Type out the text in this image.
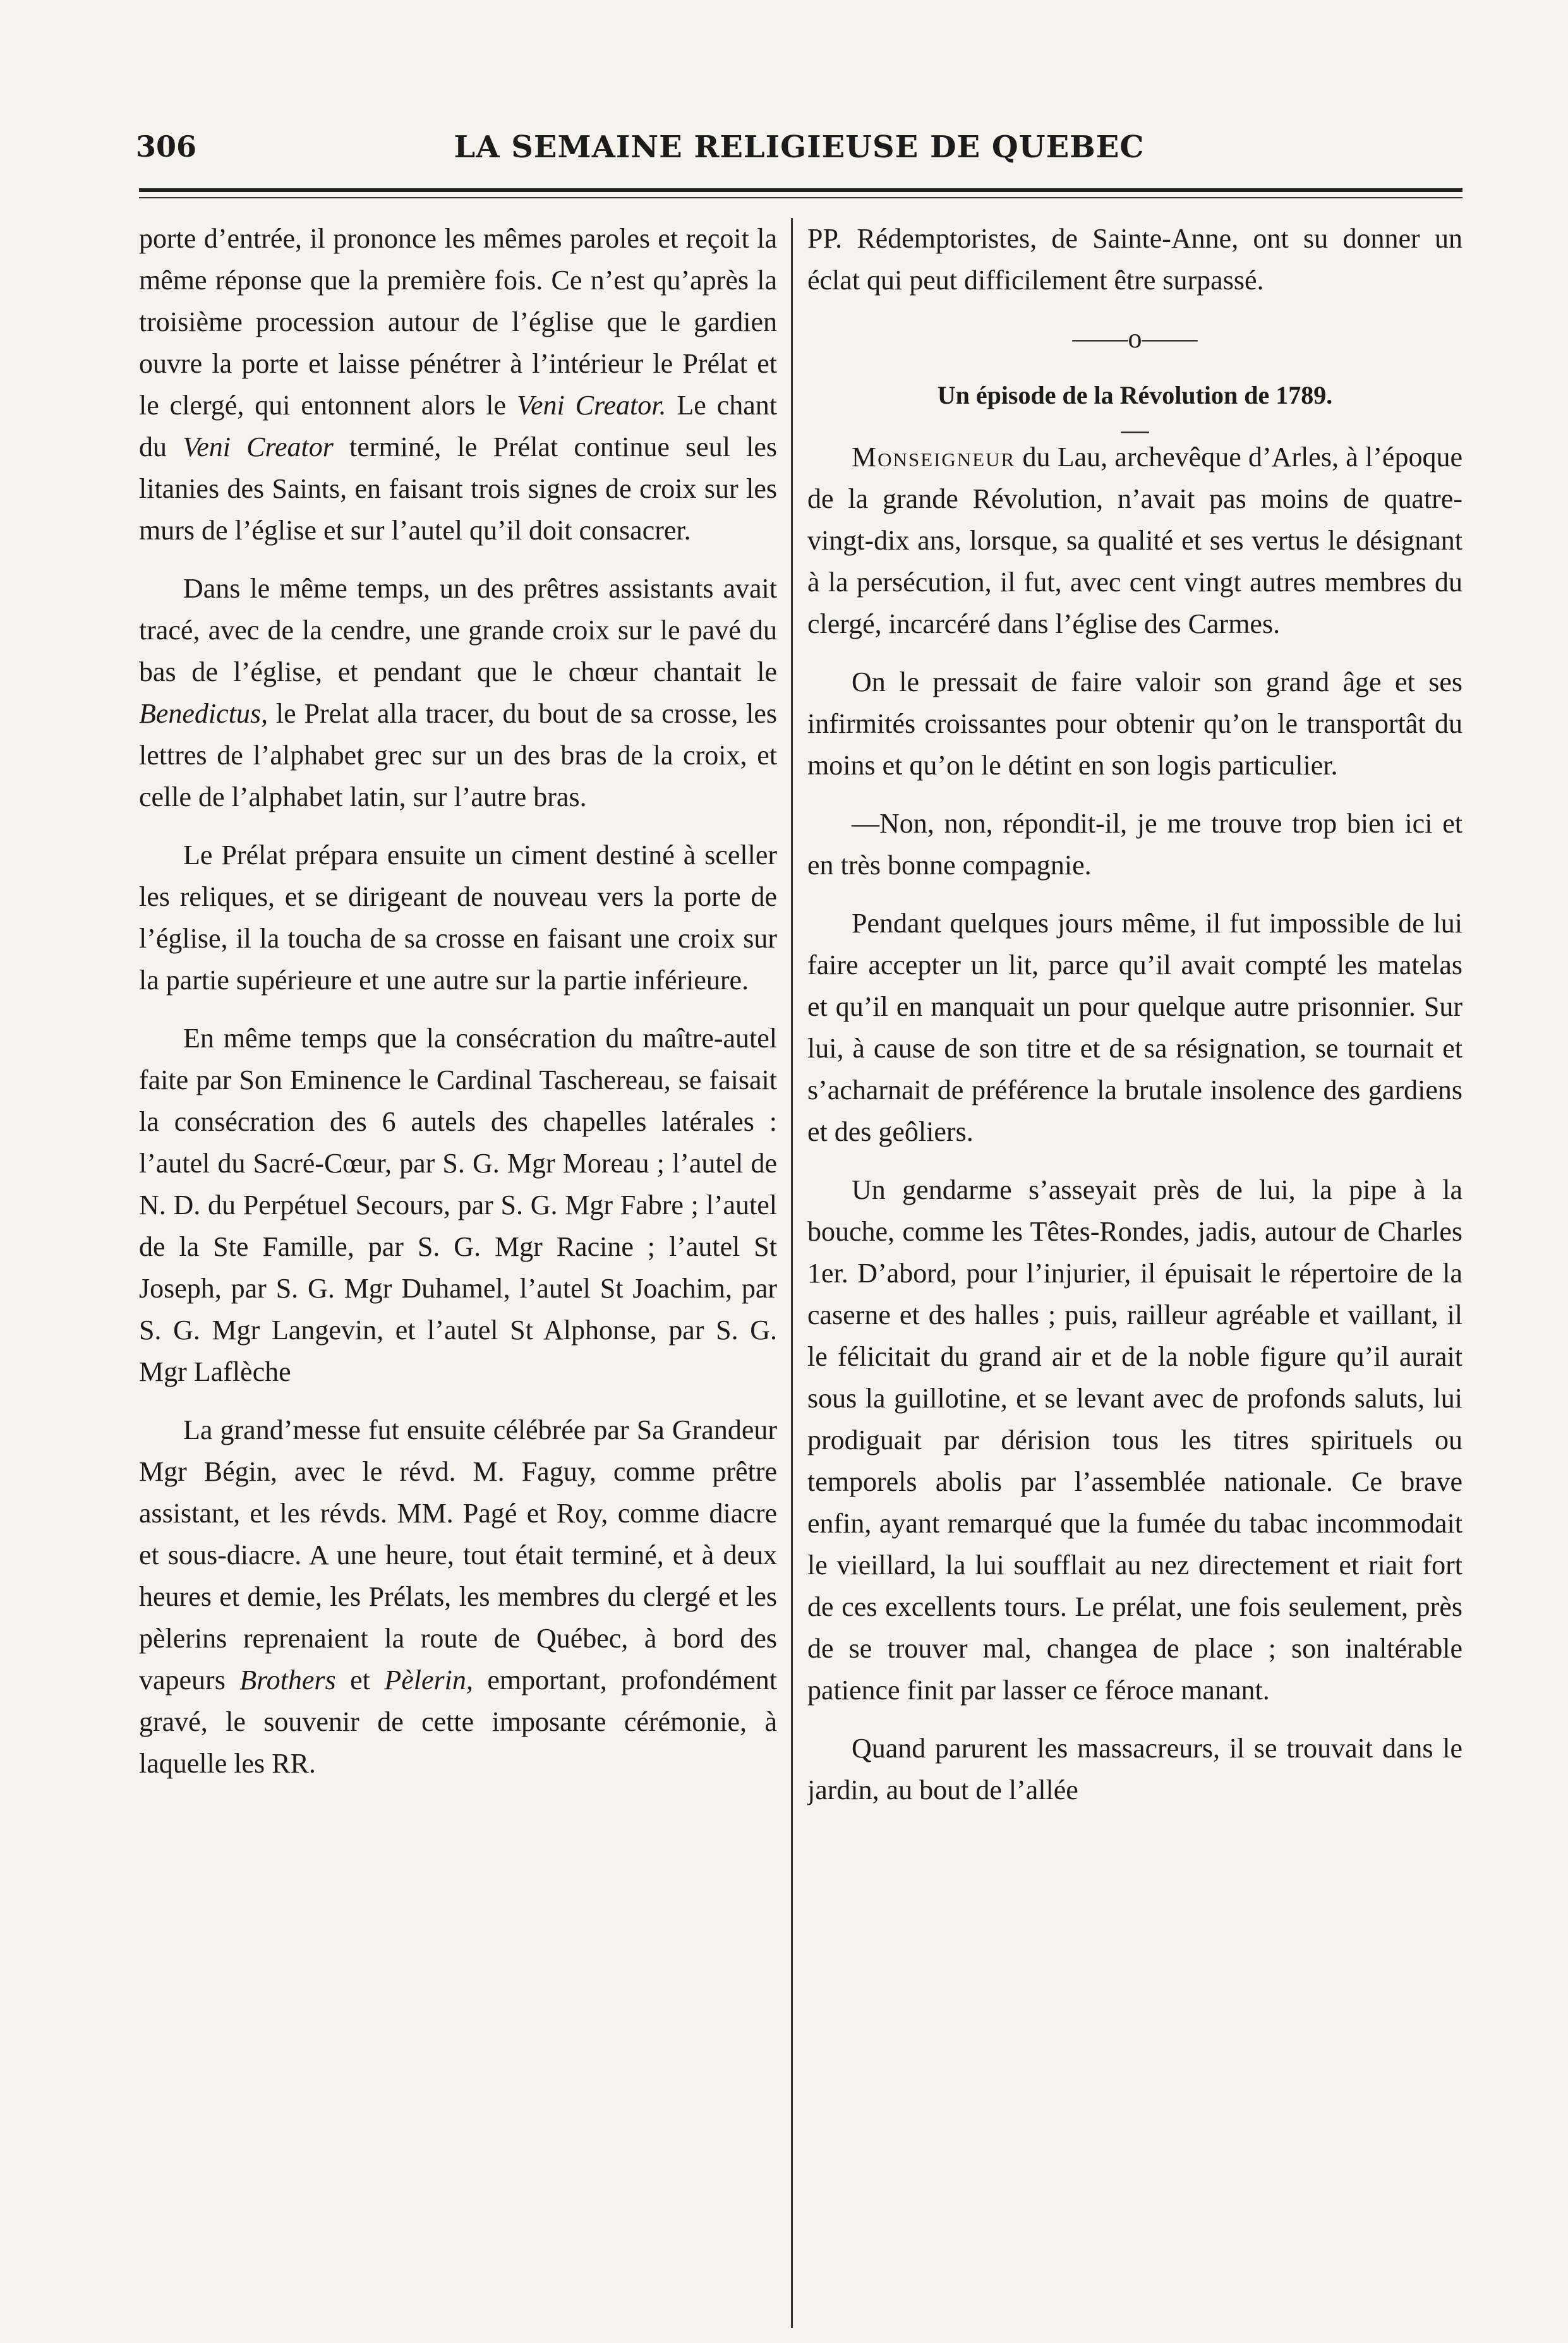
306	LA SEMAINE RELIGIEUSE DE QUEBEC

porte d’entrée, il prononce les mêmes paroles et reçoit la même réponse que la première fois. Ce n’est qu’après la troisième procession autour de l’église que le gardien ouvre la porte et laisse pénétrer à l’intérieur le Prélat et le clergé, qui entonnent alors le Veni Creator. Le chant du Veni Creator terminé, le Prélat continue seul les litanies des Saints, en faisant trois signes de croix sur les murs de l’église et sur l’autel qu’il doit consacrer.

Dans le même temps, un des prêtres assistants avait tracé, avec de la cendre, une grande croix sur le pavé du bas de l’église, et pendant que le chœur chantait le Benedictus, le Prelat alla tracer, du bout de sa crosse, les lettres de l’alphabet grec sur un des bras de la croix, et celle de l’alphabet latin, sur l’autre bras.

Le Prélat prépara ensuite un ciment destiné à sceller les reliques, et se dirigeant de nouveau vers la porte de l’église, il la toucha de sa crosse en faisant une croix sur la partie supérieure et une autre sur la partie inférieure.

En même temps que la consécration du maître-autel faite par Son Eminence le Cardinal Taschereau, se faisait la consécration des 6 autels des chapelles latérales : l’autel du Sacré-Cœur, par S. G. Mgr Moreau ; l’autel de N. D. du Perpétuel Secours, par S. G. Mgr Fabre ; l’autel de la Ste Famille, par S. G. Mgr Racine ; l’autel St Joseph, par S. G. Mgr Duhamel, l’autel St Joachim, par S. G. Mgr Langevin, et l’autel St Alphonse, par S. G. Mgr Laflèche

La grand’messe fut ensuite célébrée par Sa Grandeur Mgr Bégin, avec le révd. M. Faguy, comme prêtre assistant, et les révds. MM. Pagé et Roy, comme diacre et sous-diacre. A une heure, tout était terminé, et à deux heures et demie, les Prélats, les membres du clergé et les pèlerins reprenaient la route de Québec, à bord des vapeurs Brothers et Pèlerin, emportant, profondément gravé, le souvenir de cette imposante cérémonie, à laquelle les RR.

PP. Rédemptoristes, de Sainte-Anne, ont su donner un éclat qui peut difficilement être surpassé.

——o——
Un épisode de la Révolution de 1789.
—

Monseigneur du Lau, archevêque d’Arles, à l’époque de la grande Révolution, n’avait pas moins de quatre-vingt-dix ans, lorsque, sa qualité et ses vertus le désignant à la persécution, il fut, avec cent vingt autres membres du clergé, incarcéré dans l’église des Carmes.

On le pressait de faire valoir son grand âge et ses infirmités croissantes pour obtenir qu’on le transportât du moins et qu’on le détint en son logis particulier.

—Non, non, répondit-il, je me trouve trop bien ici et en très bonne compagnie.

Pendant quelques jours même, il fut impossible de lui faire accepter un lit, parce qu’il avait compté les matelas et qu’il en manquait un pour quelque autre prisonnier. Sur lui, à cause de son titre et de sa résignation, se tournait et s’acharnait de préférence la brutale insolence des gardiens et des geôliers.

Un gendarme s’asseyait près de lui, la pipe à la bouche, comme les Têtes-Rondes, jadis, autour de Charles 1er. D’abord, pour l’injurier, il épuisait le répertoire de la caserne et des halles ; puis, railleur agréable et vaillant, il le félicitait du grand air et de la noble figure qu’il aurait sous la guillotine, et se levant avec de profonds saluts, lui prodiguait par dérision tous les titres spirituels ou temporels abolis par l’assemblée nationale. Ce brave enfin, ayant remarqué que la fumée du tabac incommodait le vieillard, la lui soufflait au nez directement et riait fort de ces excellents tours. Le prélat, une fois seulement, près de se trouver mal, changea de place ; son inaltérable patience finit par lasser ce féroce manant.

Quand parurent les massacreurs, il se trouvait dans le jardin, au bout de l’allée
